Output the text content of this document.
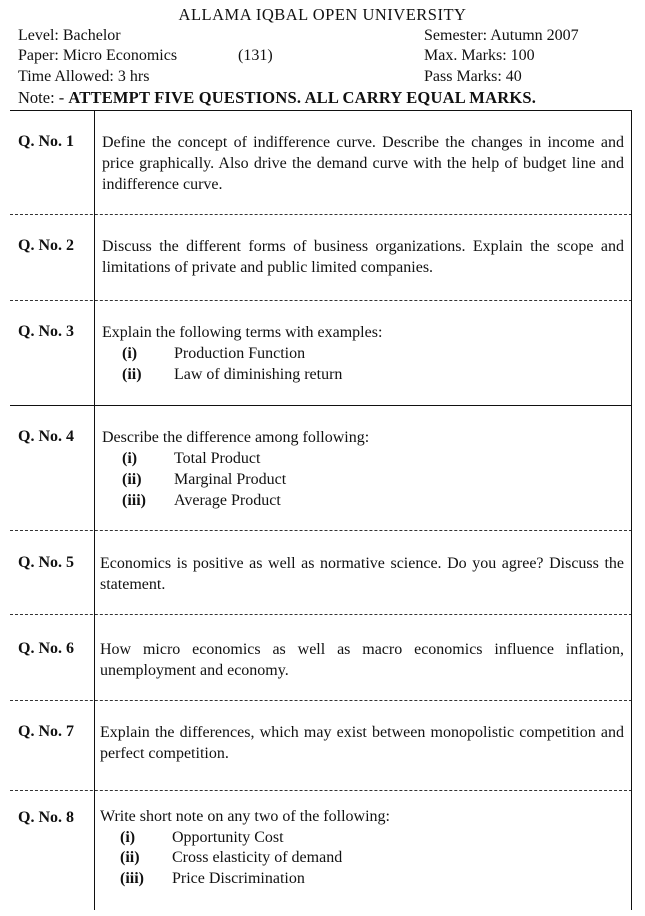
ALLAMA IQBAL OPEN UNIVERSITY
Level: Bachelor	Semester: Autumn 2007
Paper: Micro Economics	(131)	Max. Marks: 100
Time Allowed: 3 hrs	Pass Marks: 40
Note: - ATTEMPT FIVE QUESTIONS. ALL CARRY EQUAL MARKS.
Q. No. 1 Define the concept of indifference curve. Describe the changes in income and price graphically. Also drive the demand curve with the help of budget line and indifference curve.
Q. No. 2 Discuss the different forms of business organizations. Explain the scope and limitations of private and public limited companies.
Q. No. 3 Explain the following terms with examples:
(i) Production Function
(ii) Law of diminishing return
Q. No. 4 Describe the difference among following:
(i) Total Product
(ii) Marginal Product
(iii) Average Product
Q. No. 5 Economics is positive as well as normative science. Do you agree? Discuss the statement.
Q. No. 6 How micro economics as well as macro economics influence inflation, unemployment and economy.
Q. No. 7 Explain the differences, which may exist between monopolistic competition and perfect competition.
Q. No. 8 Write short note on any two of the following:
(i) Opportunity Cost
(ii) Cross elasticity of demand
(iii) Price Discrimination
